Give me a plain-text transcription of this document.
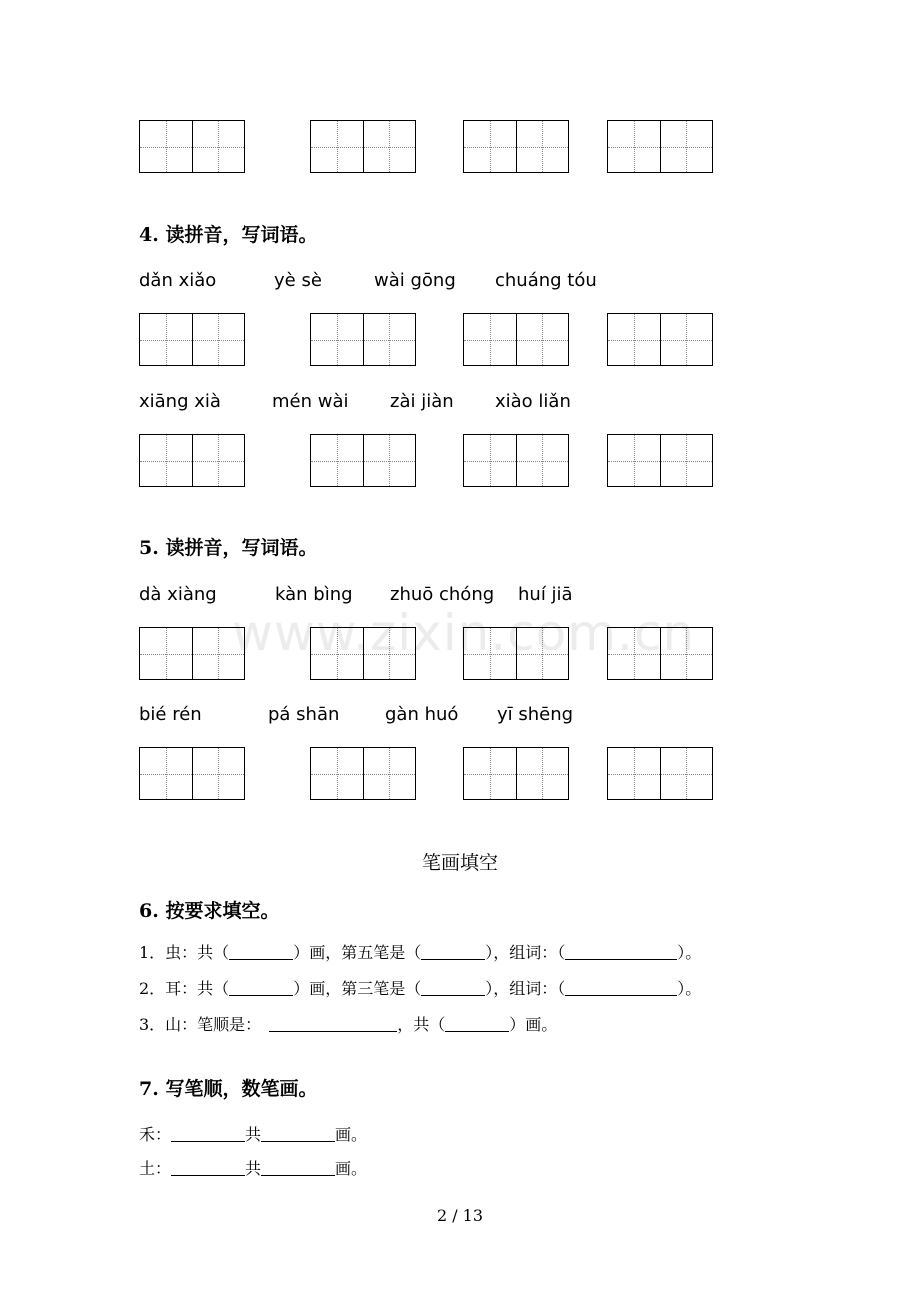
www.zixin.com.cn
4. 读拼音，写词语。
dǎn xiǎo	yè sè	wài gōng chuáng tóu
xiāng xià	mén wài zài jiàn xiào liǎn
5. 读拼音，写词语。
dà xiàng	kàn bìng zhuō chóng huí jiā
bié rén	pá shān	gàn huó yī shēng
笔画填空
6. 按要求填空。
1．虫：共（	）画，第五笔是（	），组词：（	）。
2．耳：共（	）画，第三笔是（	），组词：（	）。
3．山：笔顺是：	，共（	）画。
7. 写笔顺，数笔画。
禾：	共	画。
土：	共	画。
2 / 13
